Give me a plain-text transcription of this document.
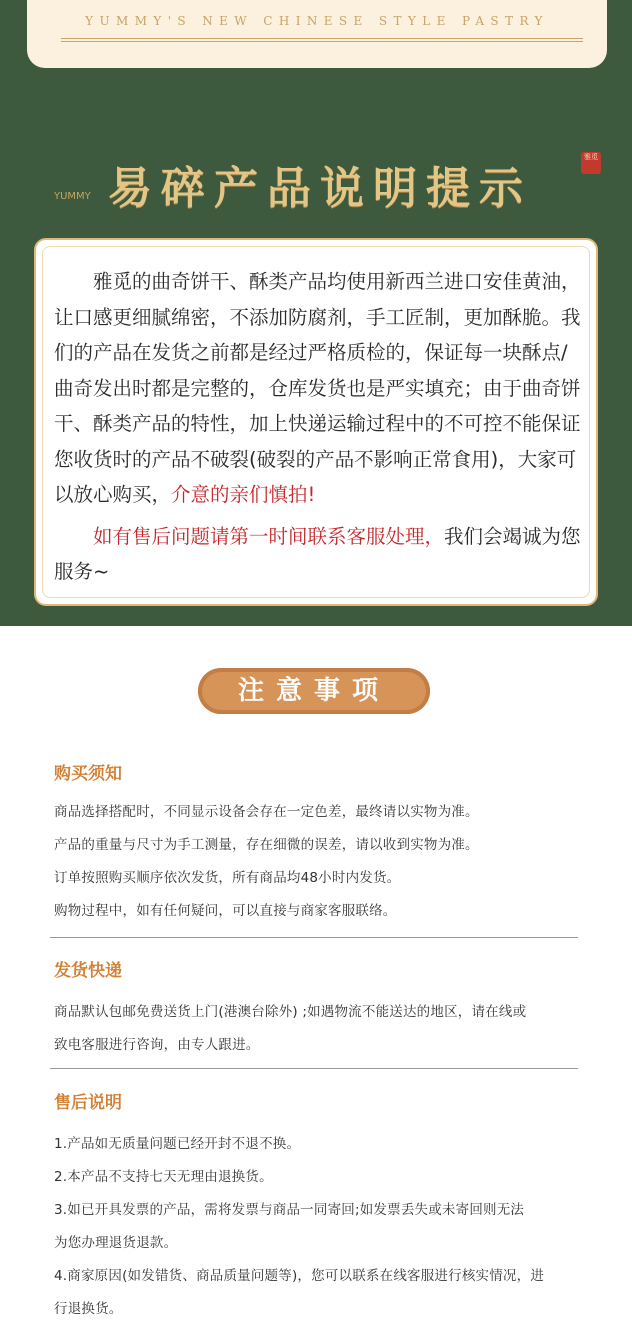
YUMMY'S NEW CHINESE STYLE PASTRY
YUMMY 易碎产品说明提示
雅觅

雅觅的曲奇饼干、酥类产品均使用新西兰进口安佳黄油，让口感更细腻绵密，不添加防腐剂，手工匠制，更加酥脆。我们的产品在发货之前都是经过严格质检的，保证每一块酥点/曲奇发出时都是完整的，仓库发货也是严实填充；由于曲奇饼干、酥类产品的特性，加上快递运输过程中的不可控不能保证您收货时的产品不破裂(破裂的产品不影响正常食用)，大家可以放心购买，介意的亲们慎拍!

如有售后问题请第一时间联系客服处理，我们会竭诚为您服务~

注意事项
购买须知
商品选择搭配时，不同显示设备会存在一定色差，最终请以实物为准。
产品的重量与尺寸为手工测量，存在细微的误差，请以收到实物为准。
订单按照购买顺序依次发货，所有商品均48小时内发货。
购物过程中，如有任何疑问，可以直接与商家客服联络。
发货快递
商品默认包邮免费送货上门(港澳台除外) ;如遇物流不能送达的地区，请在线或
致电客服进行咨询，由专人跟进。
售后说明
1.产品如无质量问题已经开封不退不换。
2.本产品不支持七天无理由退换货。
3.如已开具发票的产品，需将发票与商品一同寄回;如发票丢失或未寄回则无法
为您办理退货退款。
4.商家原因(如发错货、商品质量问题等)，您可以联系在线客服进行核实情况，进
行退换货。
